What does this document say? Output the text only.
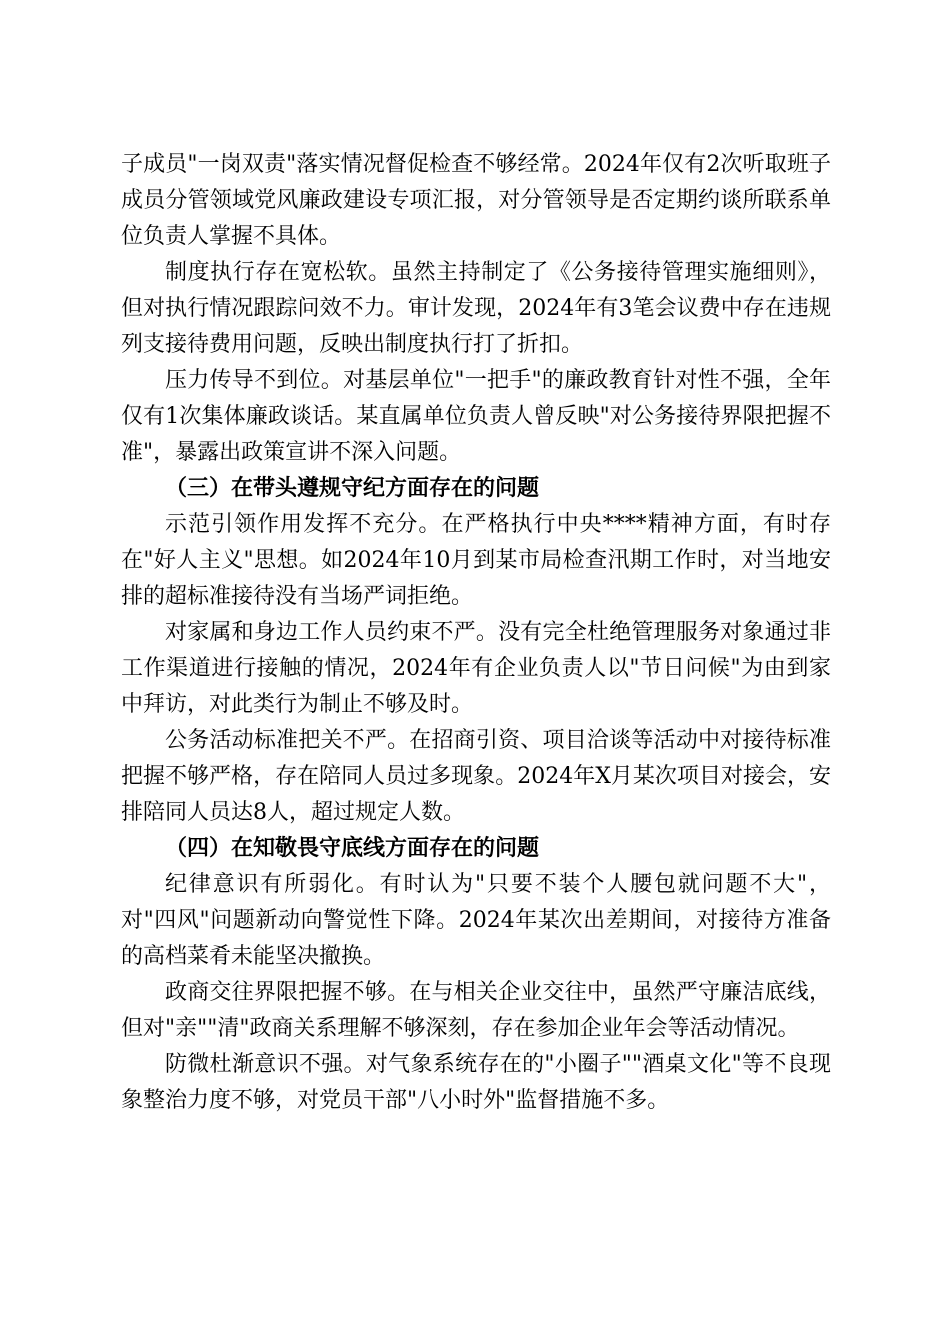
子成员"一岗双责"落实情况督促检查不够经常。2024年仅有2次听取班子成员分管领域党风廉政建设专项汇报，对分管领导是否定期约谈所联系单位负责人掌握不具体。

制度执行存在宽松软。虽然主持制定了《公务接待管理实施细则》，但对执行情况跟踪问效不力。审计发现，2024年有3笔会议费中存在违规列支接待费用问题，反映出制度执行打了折扣。

压力传导不到位。对基层单位"一把手"的廉政教育针对性不强，全年仅有1次集体廉政谈话。某直属单位负责人曾反映"对公务接待界限把握不准"，暴露出政策宣讲不深入问题。

（三）在带头遵规守纪方面存在的问题

示范引领作用发挥不充分。在严格执行中央****精神方面，有时存在"好人主义"思想。如2024年10月到某市局检查汛期工作时，对当地安排的超标准接待没有当场严词拒绝。

对家属和身边工作人员约束不严。没有完全杜绝管理服务对象通过非工作渠道进行接触的情况，2024年有企业负责人以"节日问候"为由到家中拜访，对此类行为制止不够及时。

公务活动标准把关不严。在招商引资、项目洽谈等活动中对接待标准把握不够严格，存在陪同人员过多现象。2024年X月某次项目对接会，安排陪同人员达8人，超过规定人数。

（四）在知敬畏守底线方面存在的问题

纪律意识有所弱化。有时认为"只要不装个人腰包就问题不大"，对"四风"问题新动向警觉性下降。2024年某次出差期间，对接待方准备的高档菜肴未能坚决撤换。

政商交往界限把握不够。在与相关企业交往中，虽然严守廉洁底线，但对"亲""清"政商关系理解不够深刻，存在参加企业年会等活动情况。

防微杜渐意识不强。对气象系统存在的"小圈子""酒桌文化"等不良现象整治力度不够，对党员干部"八小时外"监督措施不多。
